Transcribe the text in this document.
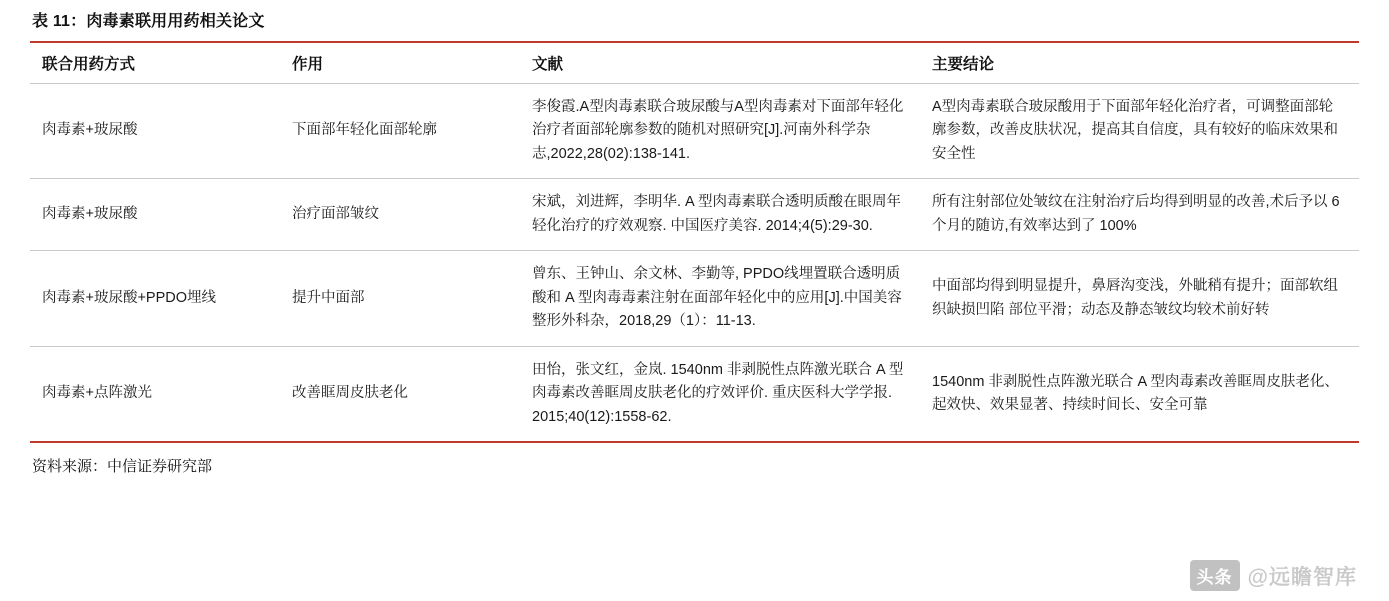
表 11：肉毒素联用用药相关论文
联合用药方式	作用	文献	主要结论
肉毒素+玻尿酸	下面部年轻化面部轮廓	李俊霞.A型肉毒素联合玻尿酸与A型肉毒素对下面部年轻化治疗者面部轮廓参数的随机对照研究[J].河南外科学杂志,2022,28(02):138-141.	A型肉毒素联合玻尿酸用于下面部年轻化治疗者，可调整面部轮廓参数，改善皮肤状况，提高其自信度，具有较好的临床效果和安全性
肉毒素+玻尿酸	治疗面部皱纹	宋斌，刘进辉，李明华. A 型肉毒素联合透明质酸在眼周年轻化治疗的疗效观察. 中国医疗美容. 2014;4(5):29-30.	所有注射部位处皱纹在注射治疗后均得到明显的改善,术后予以 6 个月的随访,有效率达到了 100%
肉毒素+玻尿酸+PPDO埋线	提升中面部	曾东、王钟山、余文林、李勤等, PPDO线埋置联合透明质酸和 A 型肉毒毒素注射在面部年轻化中的应用[J].中国美容整形外科杂，2018,29（1）：11-13.	中面部均得到明显提升，鼻唇沟变浅，外眦稍有提升；面部软组织缺损凹陷 部位平滑；动态及静态皱纹均较术前好转
肉毒素+点阵激光	改善眶周皮肤老化	田怡，张文红，金岚. 1540nm 非剥脱性点阵激光联合 A 型肉毒素改善眶周皮肤老化的疗效评价. 重庆医科大学学报. 2015;40(12):1558-62.	1540nm 非剥脱性点阵激光联合 A 型肉毒素改善眶周皮肤老化、起效快、效果显著、持续时间长、安全可靠
资料来源：中信证券研究部
头条 @远瞻智库
